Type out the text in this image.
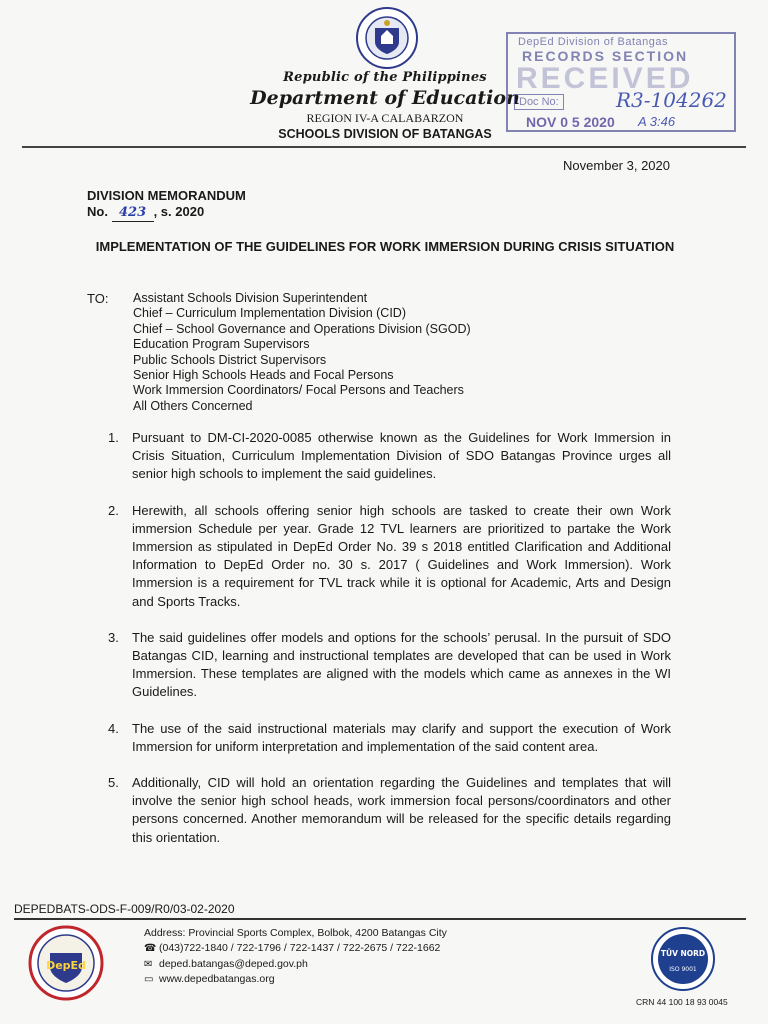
Republic of the Philippines
Department of Education
REGION IV-A CALABARZON
SCHOOLS DIVISION OF BATANGAS
DepEd Division of Batangas
RECORDS SECTION
RECEIVED
Doc No:	R3-104262
NOV 0 5 2020 A 3:46
November 3, 2020
DIVISION MEMORANDUM
No. 423 , s. 2020
IMPLEMENTATION OF THE GUIDELINES FOR WORK IMMERSION DURING CRISIS SITUATION
TO: Assistant Schools Division Superintendent
Chief – Curriculum Implementation Division (CID)
Chief – School Governance and Operations Division (SGOD)
Education Program Supervisors
Public Schools District Supervisors
Senior High Schools Heads and Focal Persons
Work Immersion Coordinators/ Focal Persons and Teachers
All Others Concerned
1.	Pursuant to DM-CI-2020-0085 otherwise known as the Guidelines for Work Immersion in Crisis Situation, Curriculum Implementation Division of SDO Batangas Province urges all senior high schools to implement the said guidelines.
2.	Herewith, all schools offering senior high schools are tasked to create their own Work immersion Schedule per year. Grade 12 TVL learners are prioritized to partake the Work Immersion as stipulated in DepEd Order No. 39 s 2018 entitled Clarification and Additional Information to DepEd Order no. 30 s. 2017 ( Guidelines and Work Immersion). Work Immersion is a requirement for TVL track while it is optional for Academic, Arts and Design and Sports Tracks.
3.	The said guidelines offer models and options for the schools’ perusal. In the pursuit of SDO Batangas CID, learning and instructional templates are developed that can be used in Work Immersion. These templates are aligned with the models which came as annexes in the WI Guidelines.
4.	The use of the said instructional materials may clarify and support the execution of Work Immersion for uniform interpretation and implementation of the said content area.
5.	Additionally, CID will hold an orientation regarding the Guidelines and templates that will involve the senior high school heads, work immersion focal persons/coordinators and other persons concerned. Another memorandum will be released for the specific details regarding this orientation.
DEPEDBATS-ODS-F-009/R0/03-02-2020
DepEd
Address: Provincial Sports Complex, Bolbok, 4200 Batangas City
☎ (043)722-1840 / 722-1796 / 722-1437 / 722-2675 / 722-1662
✉ deped.batangas@deped.gov.ph
▭ www.depedbatangas.org
TÜV NORD
ISO 9001
CRN 44 100 18 93 0045
